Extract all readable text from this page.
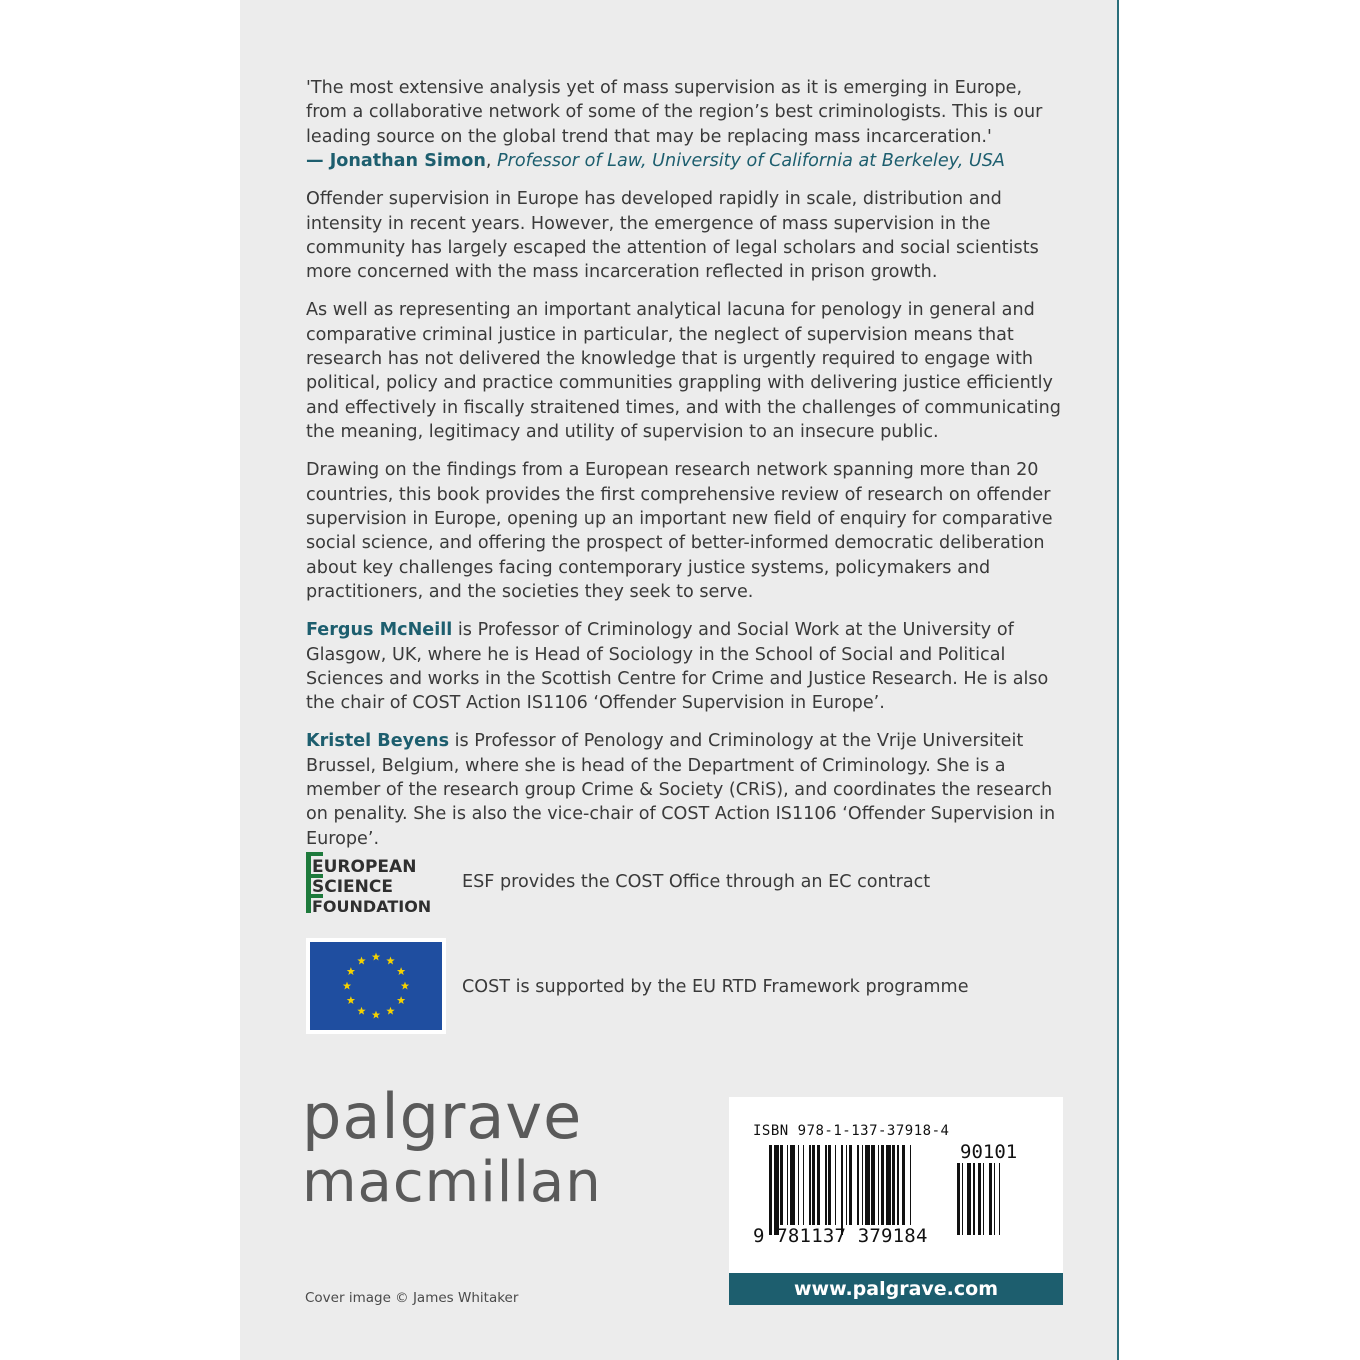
'The most extensive analysis yet of mass supervision as it is emerging in Europe, from a collaborative network of some of the region’s best criminologists. This is our leading source on the global trend that may be replacing mass incarceration.'
— Jonathan Simon, Professor of Law, University of California at Berkeley, USA

Offender supervision in Europe has developed rapidly in scale, distribution and intensity in recent years. However, the emergence of mass supervision in the community has largely escaped the attention of legal scholars and social scientists more concerned with the mass incarceration reflected in prison growth.

As well as representing an important analytical lacuna for penology in general and comparative criminal justice in particular, the neglect of supervision means that research has not delivered the knowledge that is urgently required to engage with political, policy and practice communities grappling with delivering justice efficiently and effectively in fiscally straitened times, and with the challenges of communicating the meaning, legitimacy and utility of supervision to an insecure public.

Drawing on the findings from a European research network spanning more than 20 countries, this book provides the first comprehensive review of research on offender supervision in Europe, opening up an important new field of enquiry for comparative social science, and offering the prospect of better-informed democratic deliberation about key challenges facing contemporary justice systems, policymakers and practitioners, and the societies they seek to serve.

Fergus McNeill is Professor of Criminology and Social Work at the University of Glasgow, UK, where he is Head of Sociology in the School of Social and Political Sciences and works in the Scottish Centre for Crime and Justice Research. He is also the chair of COST Action IS1106 ‘Offender Supervision in Europe’.

Kristel Beyens is Professor of Penology and Criminology at the Vrije Universiteit Brussel, Belgium, where she is head of the Department of Criminology. She is a member of the research group Crime & Society (CRiS), and coordinates the research on penality. She is also the vice-chair of COST Action IS1106 ‘Offender Supervision in Europe’.

EUROPEAN
SCIENCE
FOUNDATION
ESF provides the COST Office through an EC contract
COST is supported by the EU RTD Framework programme
palgrave
macmillan
Cover image © James Whitaker
ISBN 978-1-137-37918-4
90101
9 781137 379184
www.palgrave.com
